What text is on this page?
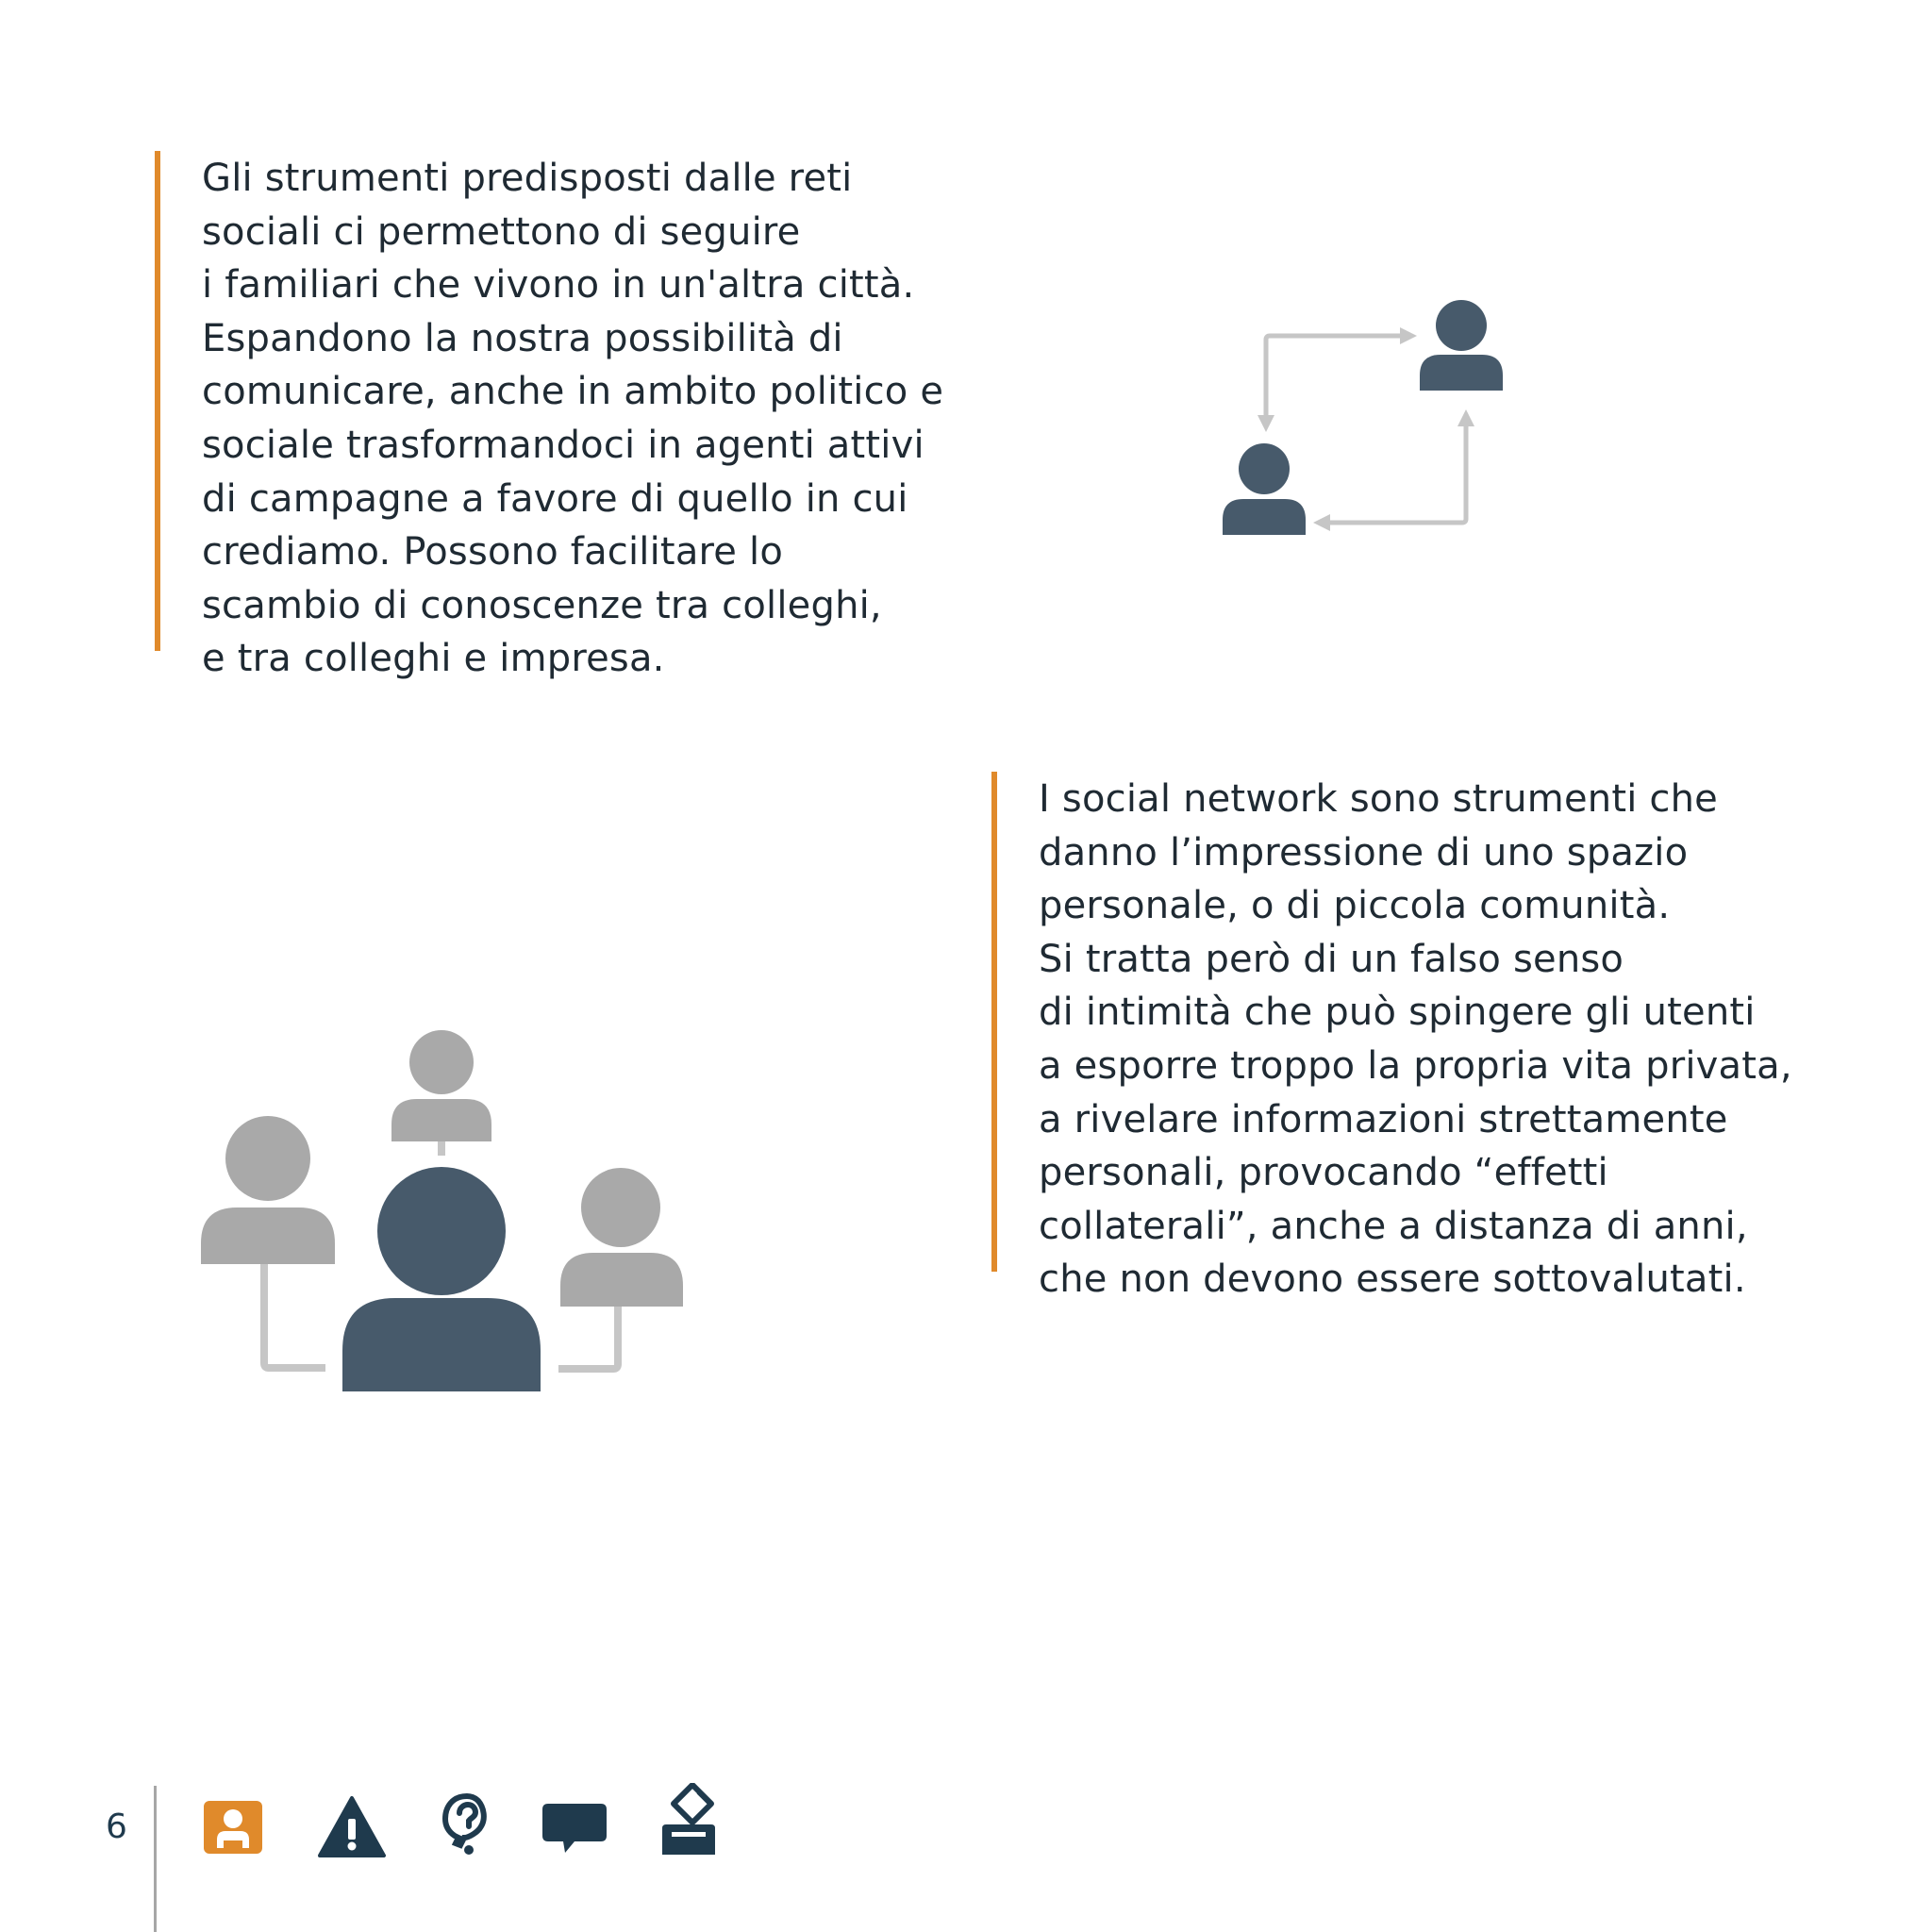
Gli strumenti predisposti dalle reti

sociali ci permettono di seguire

i familiari che vivono in un'altra città.

Espandono la nostra possibilità di

comunicare, anche in ambito politico e

sociale trasformandoci in agenti attivi

di campagne a favore di quello in cui

crediamo. Possono facilitare lo

scambio di conoscenze tra colleghi,

e tra colleghi e impresa.

I social network sono strumenti che

danno l’impressione di uno spazio

personale, o di piccola comunità.

Si tratta però di un falso senso

di intimità che può spingere gli utenti

a esporre troppo la propria vita privata,

a rivelare informazioni strettamente

personali, provocando “effetti

collaterali”, anche a distanza di anni,

che non devono essere sottovalutati.

6
